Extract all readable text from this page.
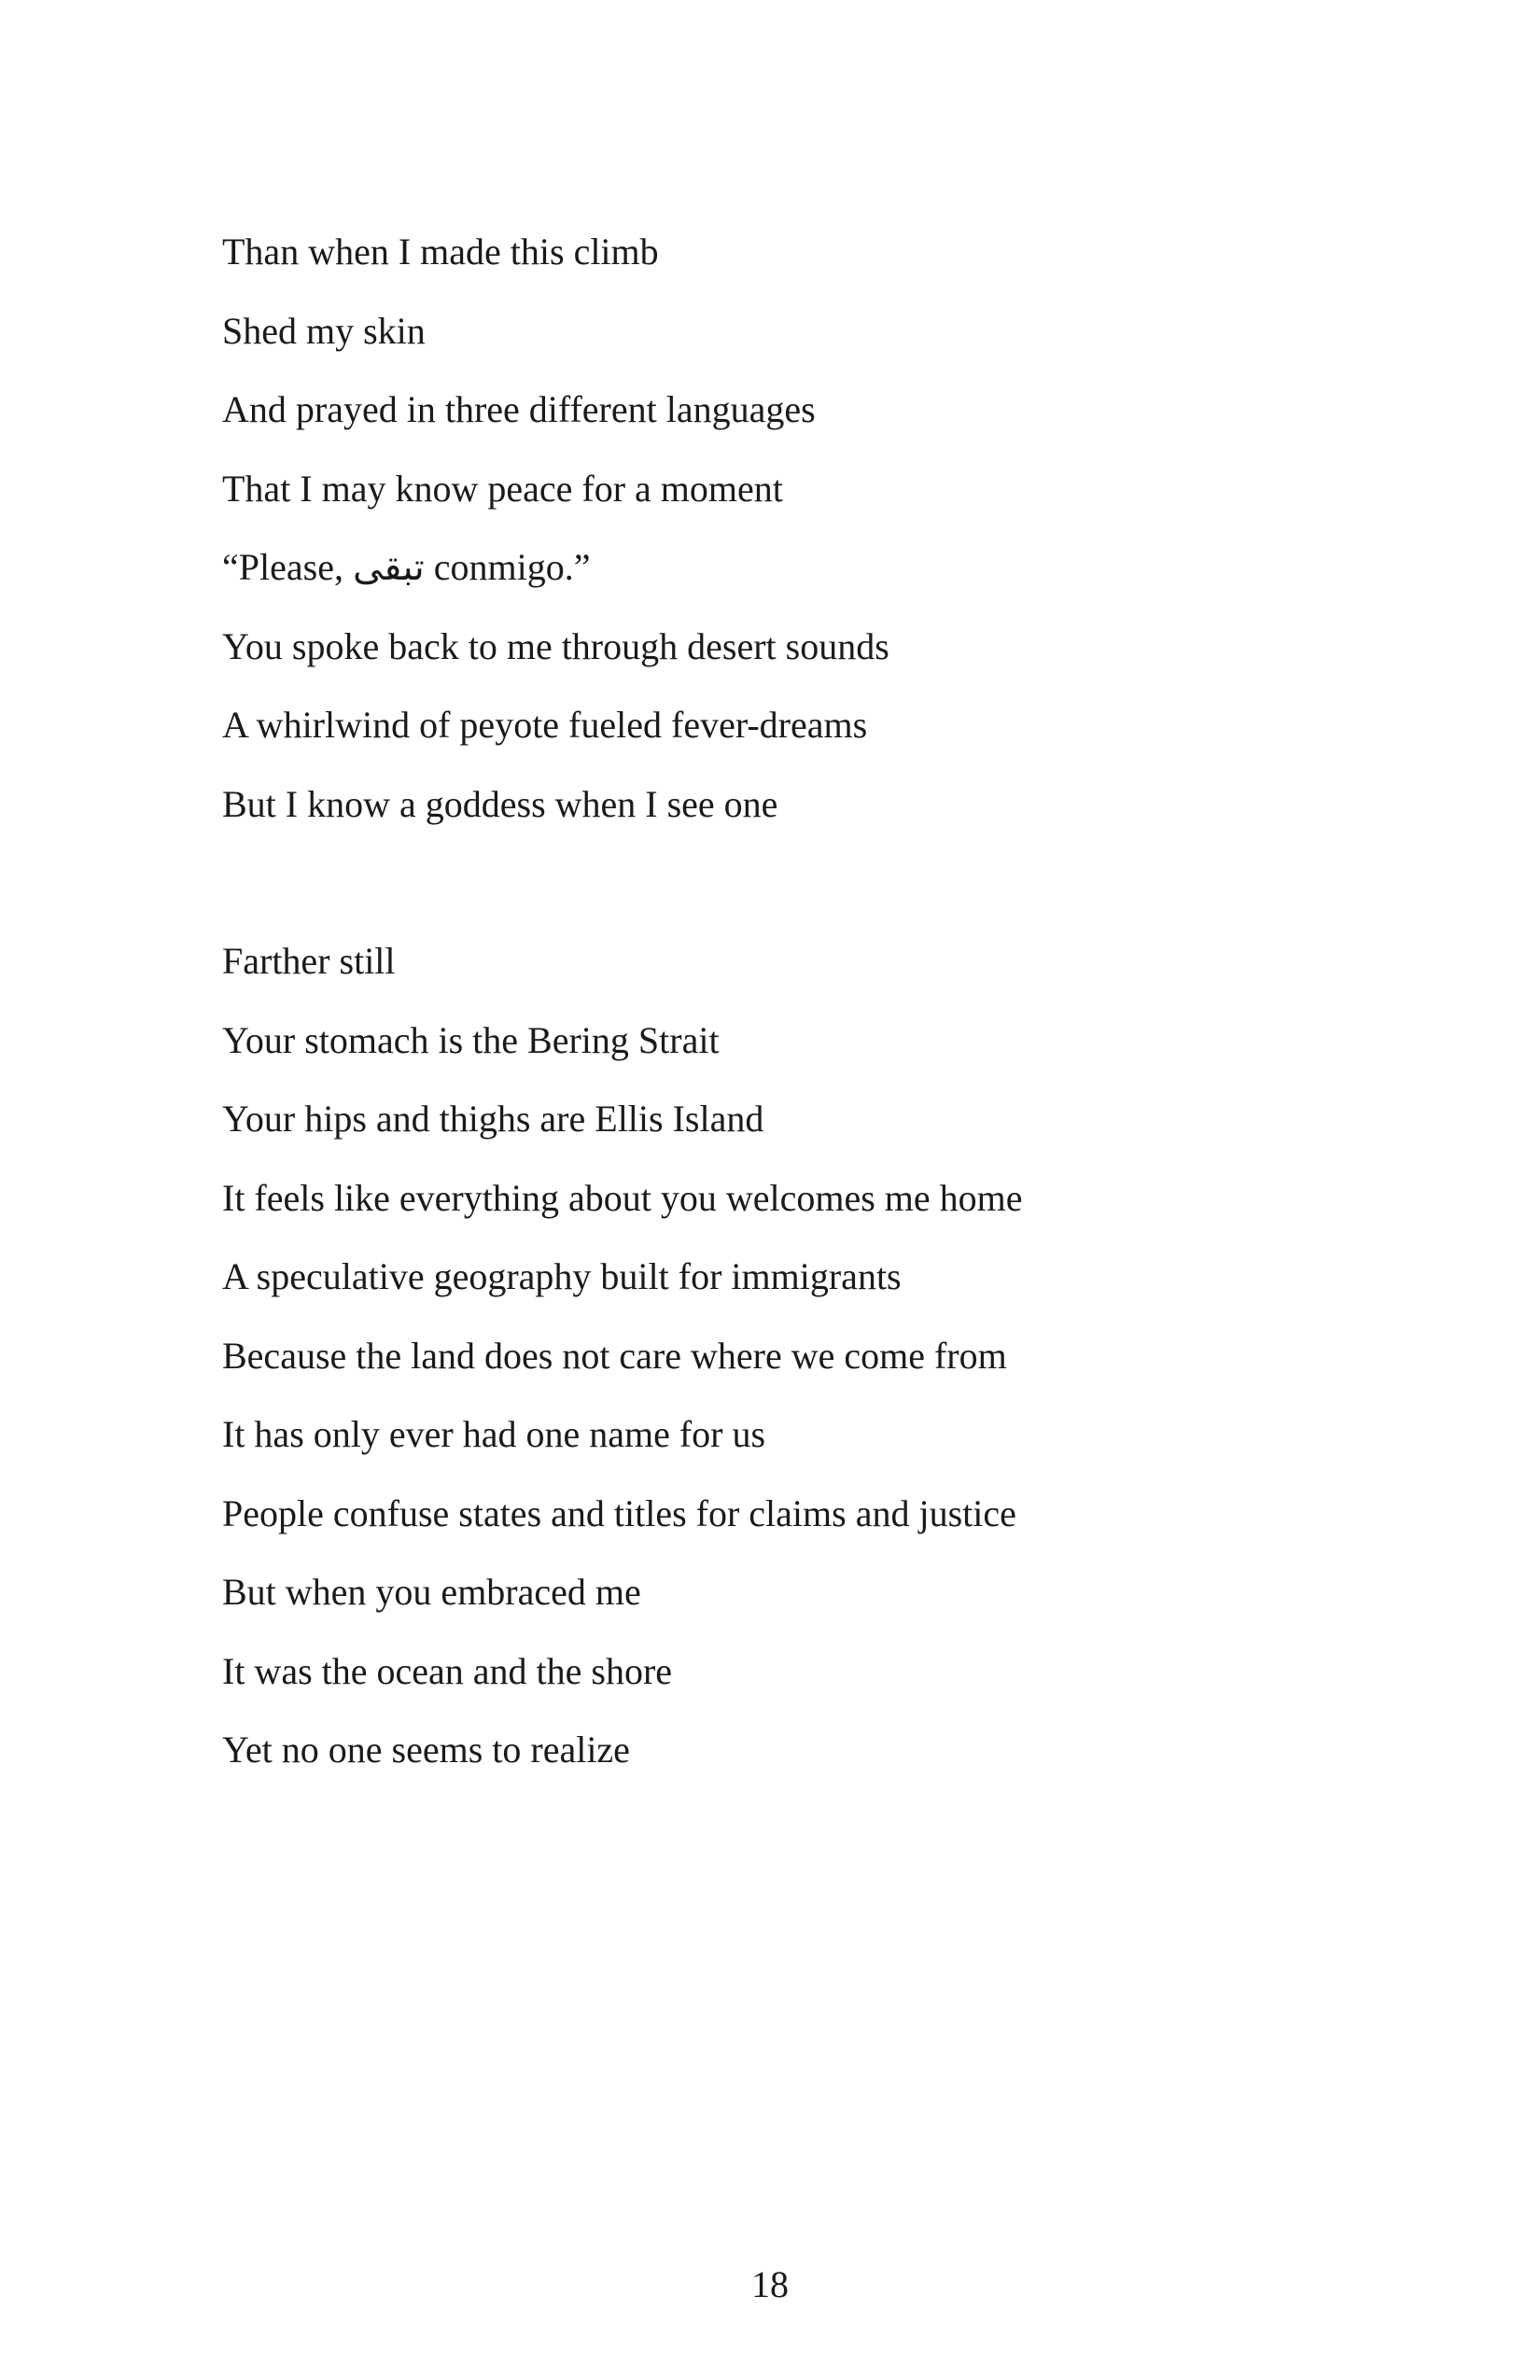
Than when I made this climb
Shed my skin
And prayed in three different languages
That I may know peace for a moment
“Please, تبقى conmigo.”
You spoke back to me through desert sounds
A whirlwind of peyote fueled fever-dreams
But I know a goddess when I see one
Farther still
Your stomach is the Bering Strait
Your hips and thighs are Ellis Island
It feels like everything about you welcomes me home
A speculative geography built for immigrants
Because the land does not care where we come from
It has only ever had one name for us
People confuse states and titles for claims and justice
But when you embraced me
It was the ocean and the shore
Yet no one seems to realize
18
